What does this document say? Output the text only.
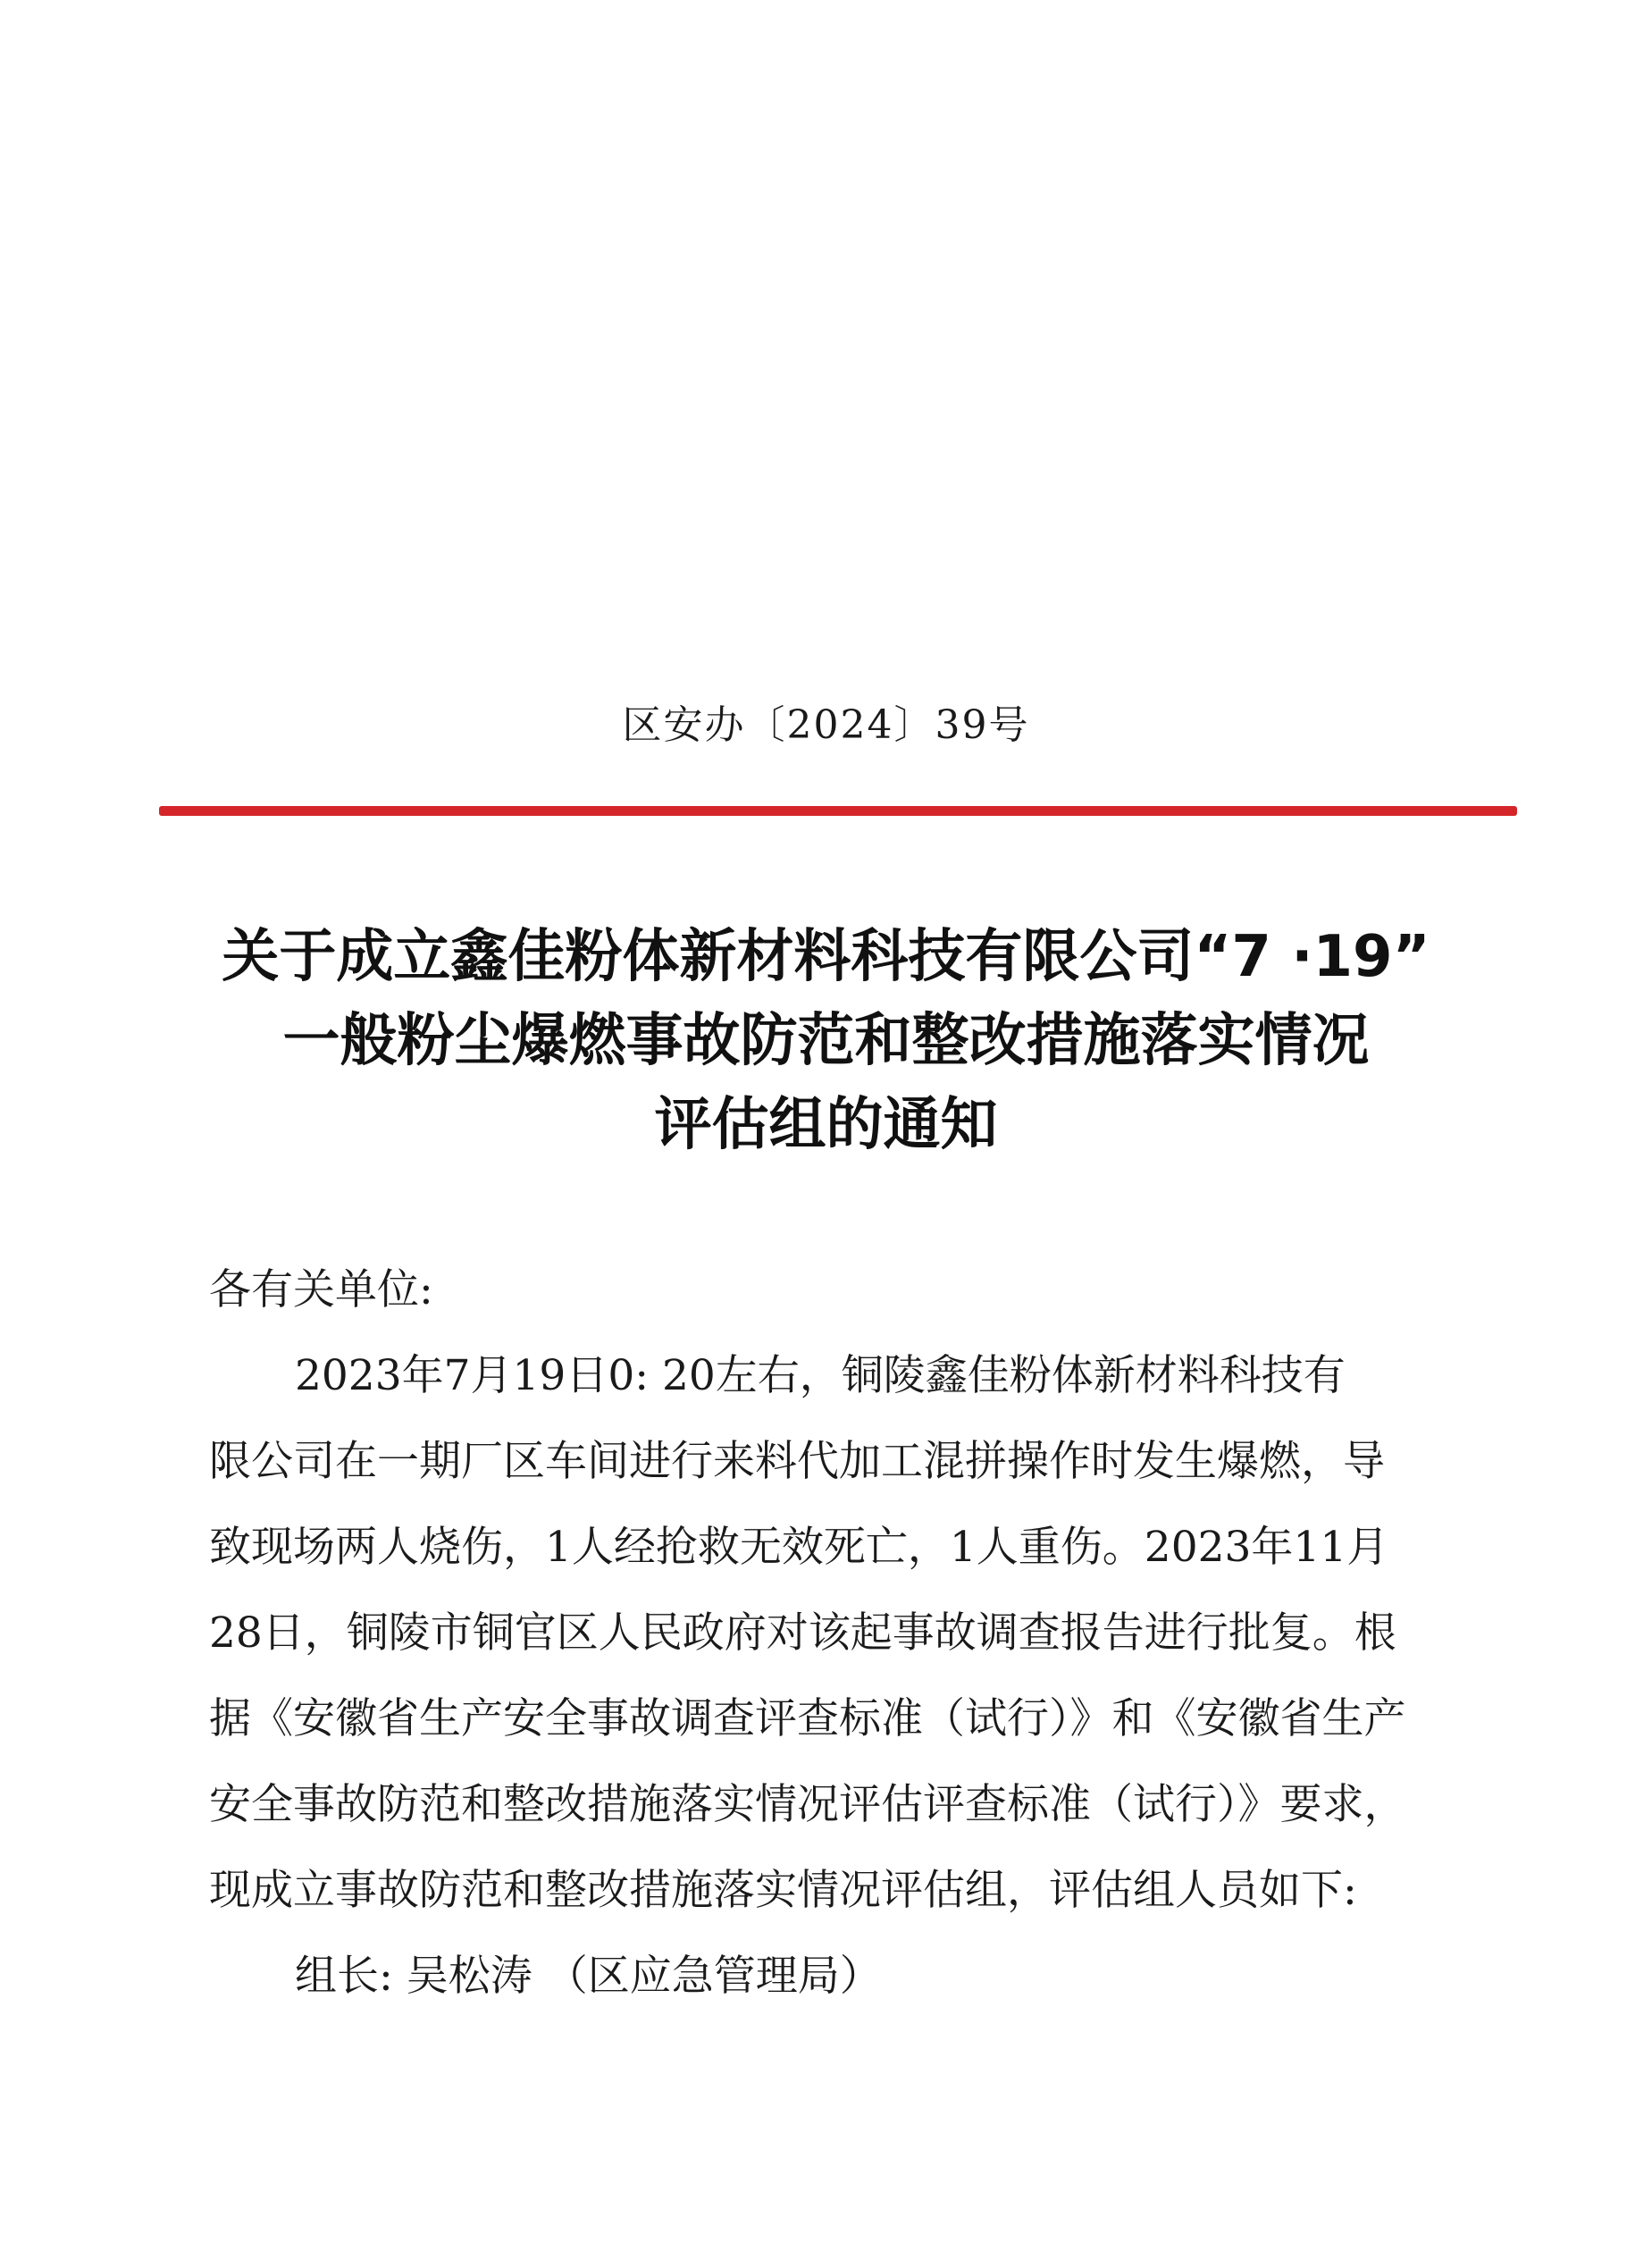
区安办〔2024〕39号
关于成立鑫佳粉体新材料科技有限公司“7 ·19”
一般粉尘爆燃事故防范和整改措施落实情况
评估组的通知
各有关单位:
2023年7月19日0: 20左右，铜陵鑫佳粉体新材料科技有
限公司在一期厂区车间进行来料代加工混拼操作时发生爆燃，导
致现场两人烧伤，1人经抢救无效死亡，1人重伤。2023年11月
28日，铜陵市铜官区人民政府对该起事故调查报告进行批复。根
据《安徽省生产安全事故调查评查标准（试行）》和《安徽省生产
安全事故防范和整改措施落实情况评估评查标准（试行）》要求，
现成立事故防范和整改措施落实情况评估组，评估组人员如下:
组长: 吴松涛 （区应急管理局）
